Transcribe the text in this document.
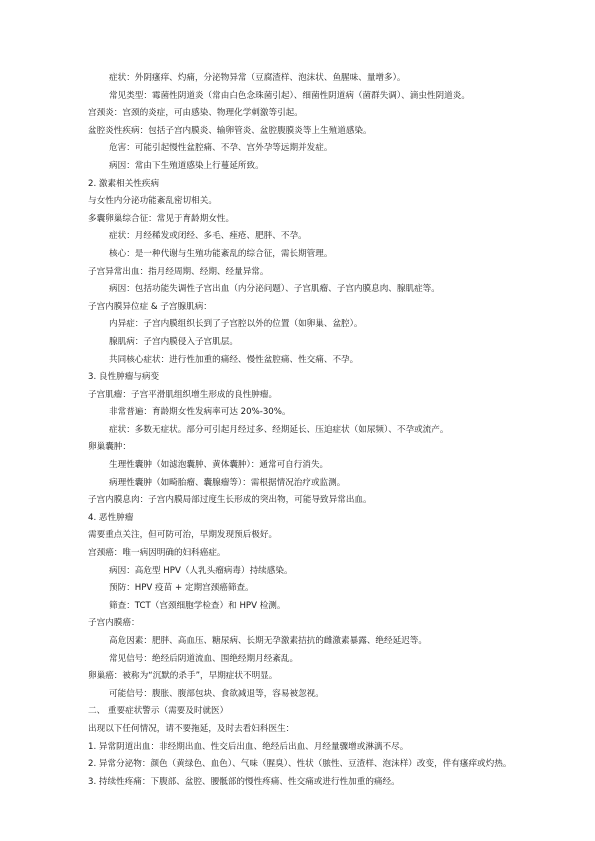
症状：外阴瘙痒、灼痛，分泌物异常（豆腐渣样、泡沫状、鱼腥味、量增多）。

常见类型：霉菌性阴道炎（常由白色念珠菌引起）、细菌性阴道病（菌群失调）、滴虫性阴道炎。

宫颈炎：宫颈的炎症，可由感染、物理化学刺激等引起。

盆腔炎性疾病：包括子宫内膜炎、输卵管炎、盆腔腹膜炎等上生殖道感染。

危害：可能引起慢性盆腔痛、不孕、宫外孕等远期并发症。

病因：常由下生殖道感染上行蔓延所致。

2. 激素相关性疾病

与女性内分泌功能紊乱密切相关。

多囊卵巢综合征：常见于育龄期女性。

症状：月经稀发或闭经、多毛、痤疮、肥胖、不孕。

核心：是一种代谢与生殖功能紊乱的综合征，需长期管理。

子宫异常出血：指月经周期、经期、经量异常。

病因：包括功能失调性子宫出血（内分泌问题）、子宫肌瘤、子宫内膜息肉、腺肌症等。

子宫内膜异位症 & 子宫腺肌病：

内异症：子宫内膜组织长到了子宫腔以外的位置（如卵巢、盆腔）。

腺肌病：子宫内膜侵入子宫肌层。

共同核心症状：进行性加重的痛经、慢性盆腔痛、性交痛、不孕。

3. 良性肿瘤与病变

子宫肌瘤：子宫平滑肌组织增生形成的良性肿瘤。

非常普遍：育龄期女性发病率可达 20%-30%。

症状：多数无症状。部分可引起月经过多、经期延长、压迫症状（如尿频）、不孕或流产。

卵巢囊肿：

生理性囊肿（如滤泡囊肿、黄体囊肿）：通常可自行消失。

病理性囊肿（如畸胎瘤、囊腺瘤等）：需根据情况治疗或监测。

子宫内膜息肉：子宫内膜局部过度生长形成的突出物，可能导致异常出血。

4. 恶性肿瘤

需要重点关注，但可防可治，早期发现预后极好。

宫颈癌：唯一病因明确的妇科癌症。

病因：高危型 HPV（人乳头瘤病毒）持续感染。

预防：HPV 疫苗 + 定期宫颈癌筛查。

筛查：TCT（宫颈细胞学检查）和 HPV 检测。

子宫内膜癌：

高危因素：肥胖、高血压、糖尿病、长期无孕激素拮抗的雌激素暴露、绝经延迟等。

常见信号：绝经后阴道流血、围绝经期月经紊乱。

卵巢癌：被称为“沉默的杀手”，早期症状不明显。

可能信号：腹胀、腹部包块、食欲减退等，容易被忽视。

二、 重要症状警示（需要及时就医）

出现以下任何情况，请不要拖延，及时去看妇科医生：

1. 异常阴道出血：非经期出血、性交后出血、绝经后出血、月经量骤增或淋漓不尽。

2. 异常分泌物：颜色（黄绿色、血色）、气味（腥臭）、性状（脓性、豆渣样、泡沫样）改变，伴有瘙痒或灼热。

3. 持续性疼痛：下腹部、盆腔、腰骶部的慢性疼痛、性交痛或进行性加重的痛经。
